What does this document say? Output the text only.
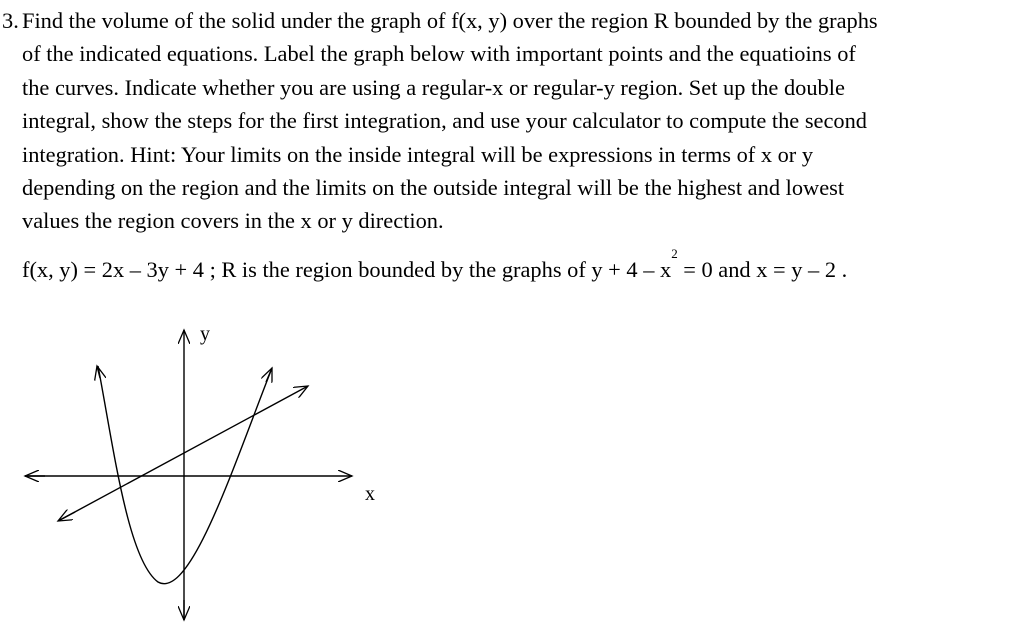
3. Find the volume of the solid under the graph of f(x, y) over the region R bounded by the graphs
of the indicated equations. Label the graph below with important points and the equatioins of
the curves. Indicate whether you are using a regular-x or regular-y region. Set up the double
integral, show the steps for the first integration, and use your calculator to compute the second
integration. Hint: Your limits on the inside integral will be expressions in terms of x or y
depending on the region and the limits on the outside integral will be the highest and lowest
values the region covers in the x or y direction.
f(x, y) = 2x – 3y + 4 ; R is the region bounded by the graphs of $y + 4 - x^2 = 0$ and x = y – 2 .
y
x
